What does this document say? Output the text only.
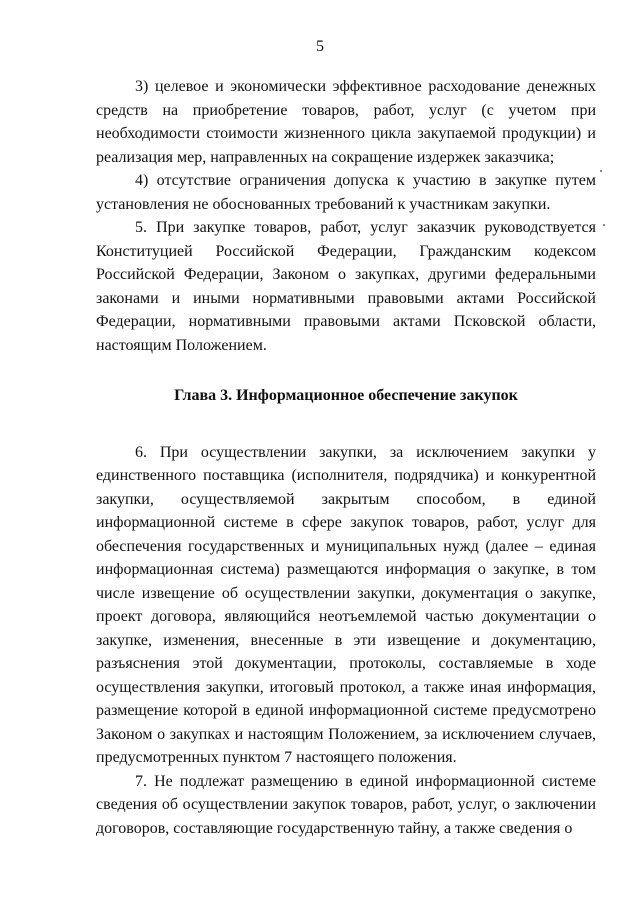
5

3) целевое и экономически эффективное расходование денежных средств на приобретение товаров, работ, услуг (с учетом при необходимости стоимости жизненного цикла закупаемой продукции) и реализация мер, направленных на сокращение издержек заказчика;

4) отсутствие ограничения допуска к участию в закупке путем установления не обоснованных требований к участникам закупки.

5. При закупке товаров, работ, услуг заказчик руководствуется Конституцией Российской Федерации, Гражданским кодексом Российской Федерации, Законом о закупках, другими федеральными законами и иными нормативными правовыми актами Российской Федерации, нормативными правовыми актами Псковской области, настоящим Положением.

Глава 3. Информационное обеспечение закупок

6. При осуществлении закупки, за исключением закупки у единственного поставщика (исполнителя, подрядчика) и конкурентной закупки, осуществляемой закрытым способом, в единой информационной системе в сфере закупок товаров, работ, услуг для обеспечения государственных и муниципальных нужд (далее – единая информационная система) размещаются информация о закупке, в том числе извещение об осуществлении закупки, документация о закупке, проект договора, являющийся неотъемлемой частью документации о закупке, изменения, внесенные в эти извещение и документацию, разъяснения этой документации, протоколы, составляемые в ходе осуществления закупки, итоговый протокол, а также иная информация, размещение которой в единой информационной системе предусмотрено Законом о закупках и настоящим Положением, за исключением случаев, предусмотренных пунктом 7 настоящего положения.

7. Не подлежат размещению в единой информационной системе сведения об осуществлении закупок товаров, работ, услуг, о заключении договоров, составляющие государственную тайну, а также сведения о
